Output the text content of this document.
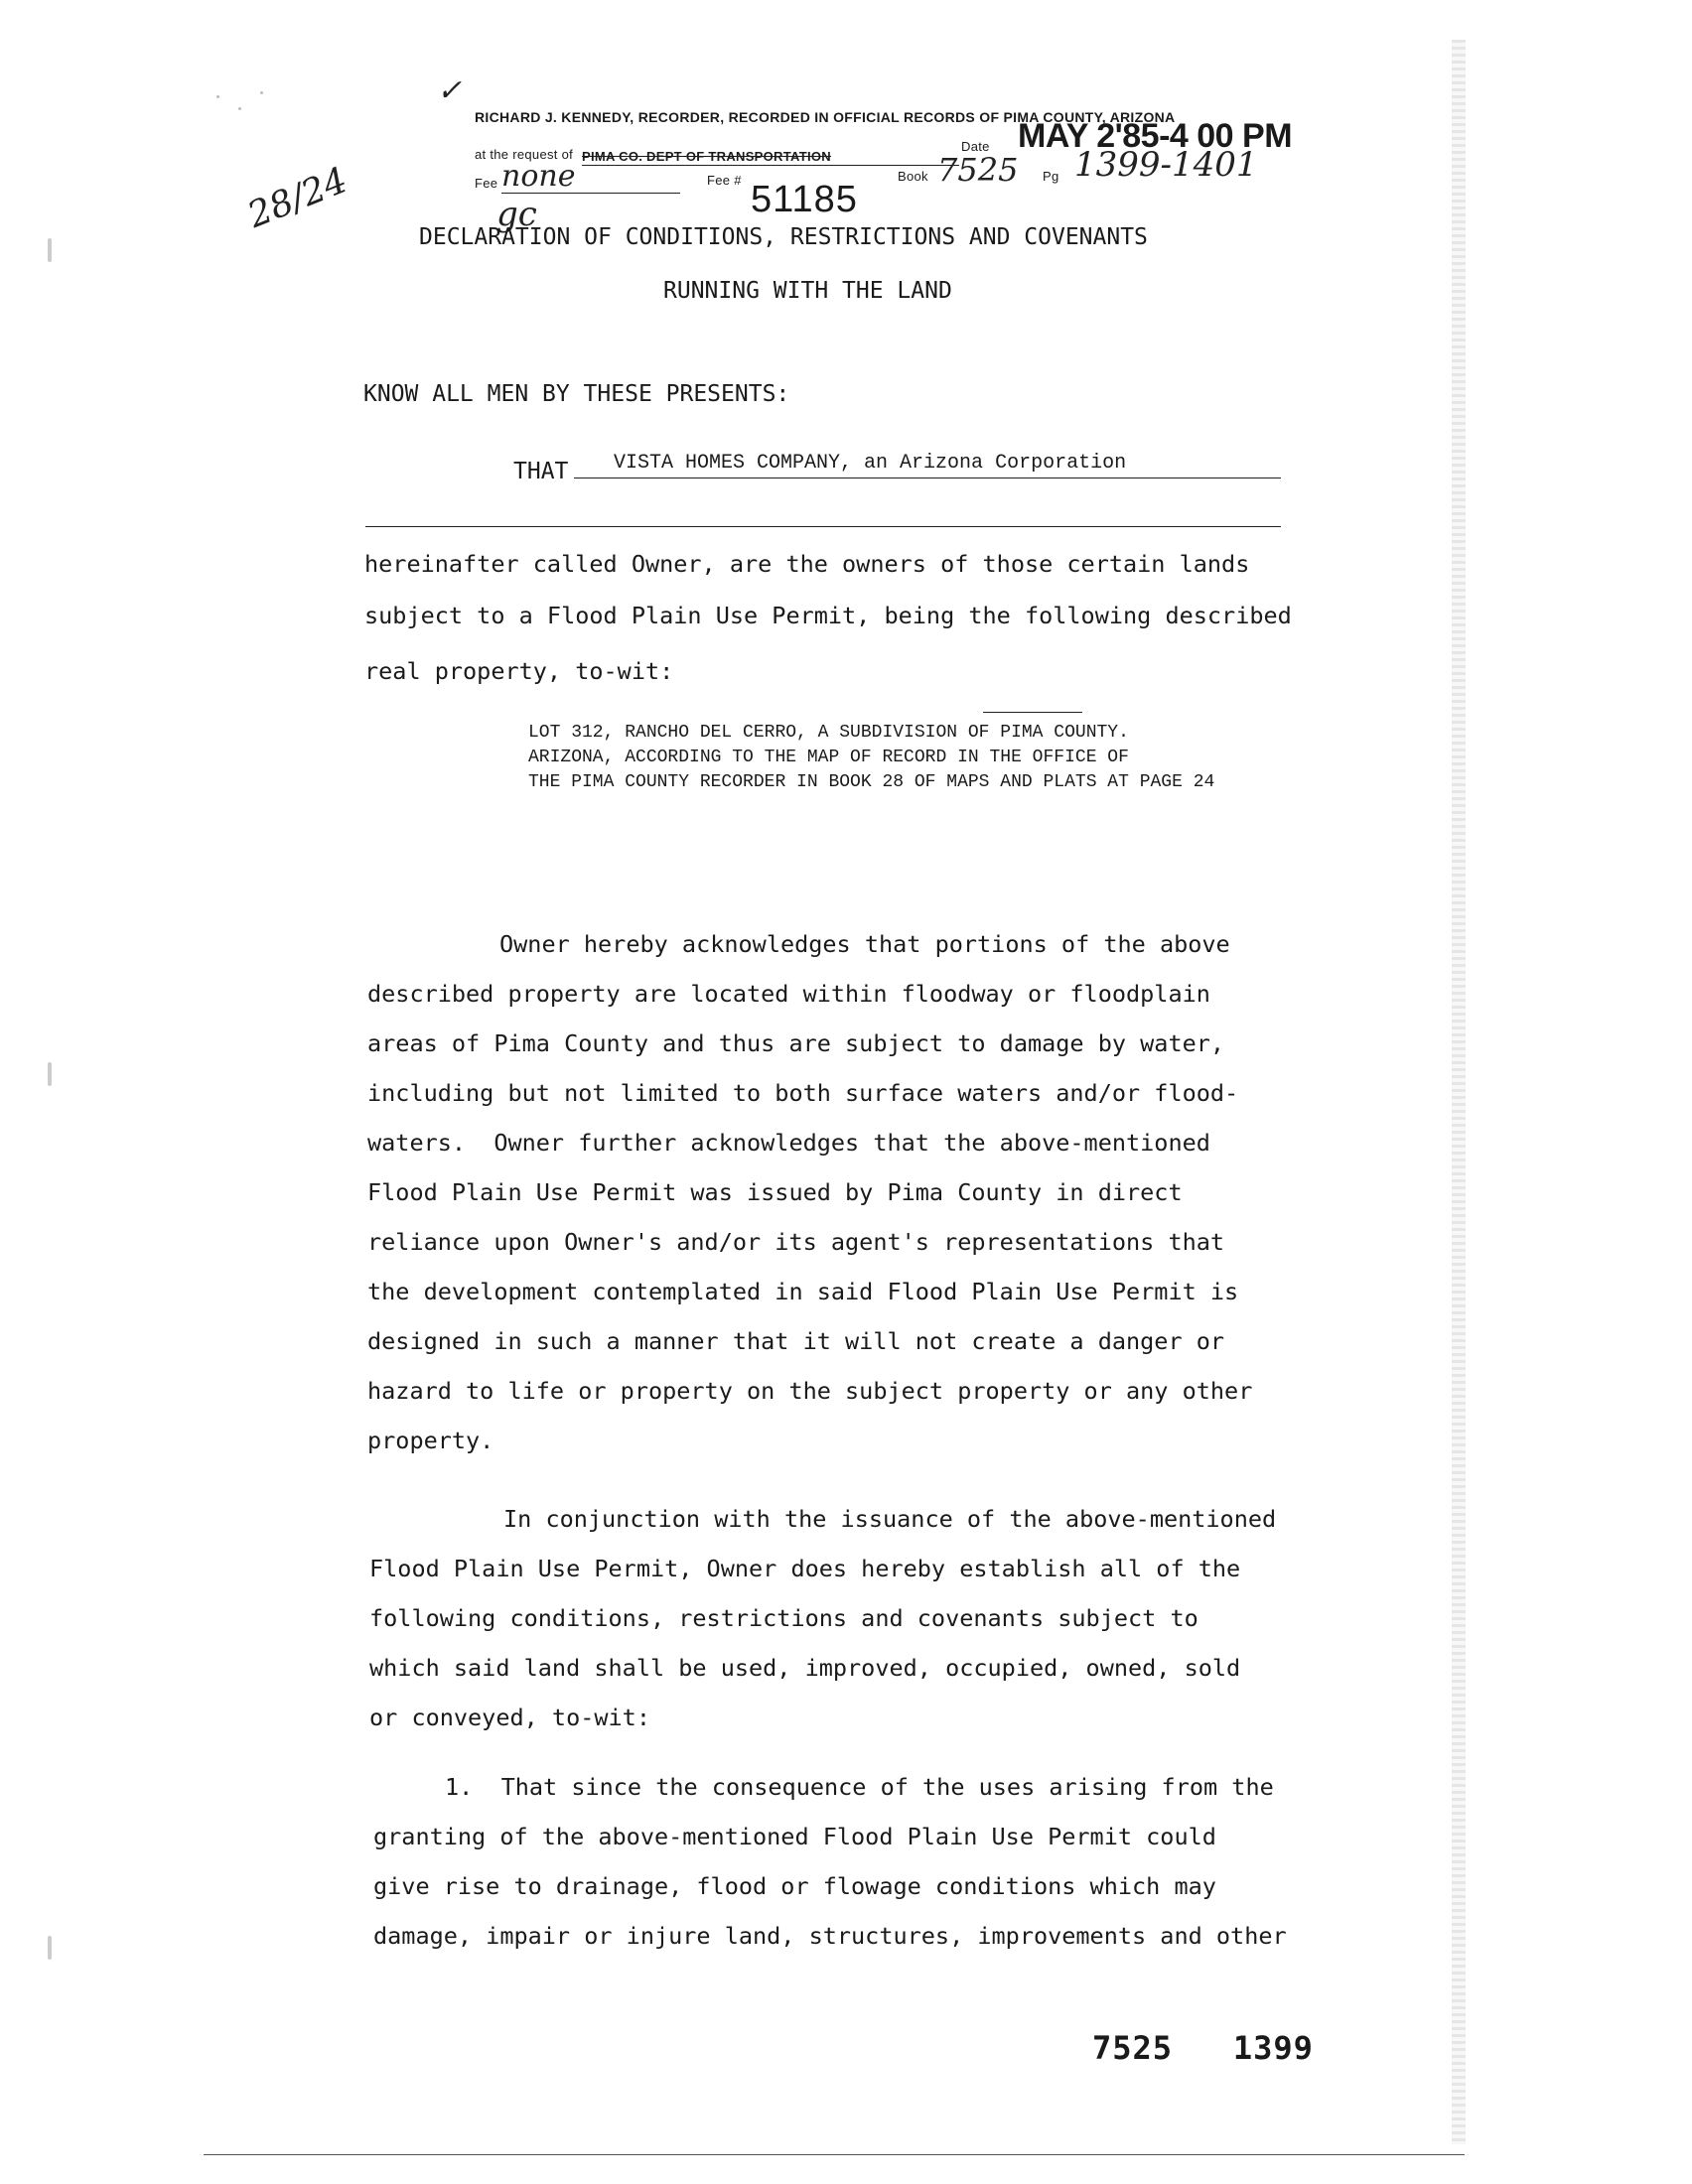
✓
RICHARD J. KENNEDY, RECORDER, RECORDED IN OFFICIAL RECORDS OF PIMA COUNTY, ARIZONA
at the request of PIMA CO. DEPT OF TRANSPORTATION
Date MAY 2'85-4 00 PM
Fee none	Fee #	Book 7525 Pg 1399-1401
51185
gc
28/24
DECLARATION OF CONDITIONS, RESTRICTIONS AND COVENANTS
RUNNING WITH THE LAND
KNOW ALL MEN BY THESE PRESENTS:
THAT VISTA HOMES COMPANY, an Arizona Corporation
hereinafter called Owner, are the owners of those certain lands
subject to a Flood Plain Use Permit, being the following described
real property, to-wit:
LOT 312, RANCHO DEL CERRO, A SUBDIVISION OF PIMA COUNTY.
ARIZONA, ACCORDING TO THE MAP OF RECORD IN THE OFFICE OF
THE PIMA COUNTY RECORDER IN BOOK 28 OF MAPS AND PLATS AT PAGE 24
Owner hereby acknowledges that portions of the above
described property are located within floodway or floodplain
areas of Pima County and thus are subject to damage by water,
including but not limited to both surface waters and/or flood-
waters.  Owner further acknowledges that the above-mentioned
Flood Plain Use Permit was issued by Pima County in direct
reliance upon Owner's and/or its agent's representations that
the development contemplated in said Flood Plain Use Permit is
designed in such a manner that it will not create a danger or
hazard to life or property on the subject property or any other
property.
In conjunction with the issuance of the above-mentioned
Flood Plain Use Permit, Owner does hereby establish all of the
following conditions, restrictions and covenants subject to
which said land shall be used, improved, occupied, owned, sold
or conveyed, to-wit:
1.  That since the consequence of the uses arising from the
granting of the above-mentioned Flood Plain Use Permit could
give rise to drainage, flood or flowage conditions which may
damage, impair or injure land, structures, improvements and other
7525   1399
